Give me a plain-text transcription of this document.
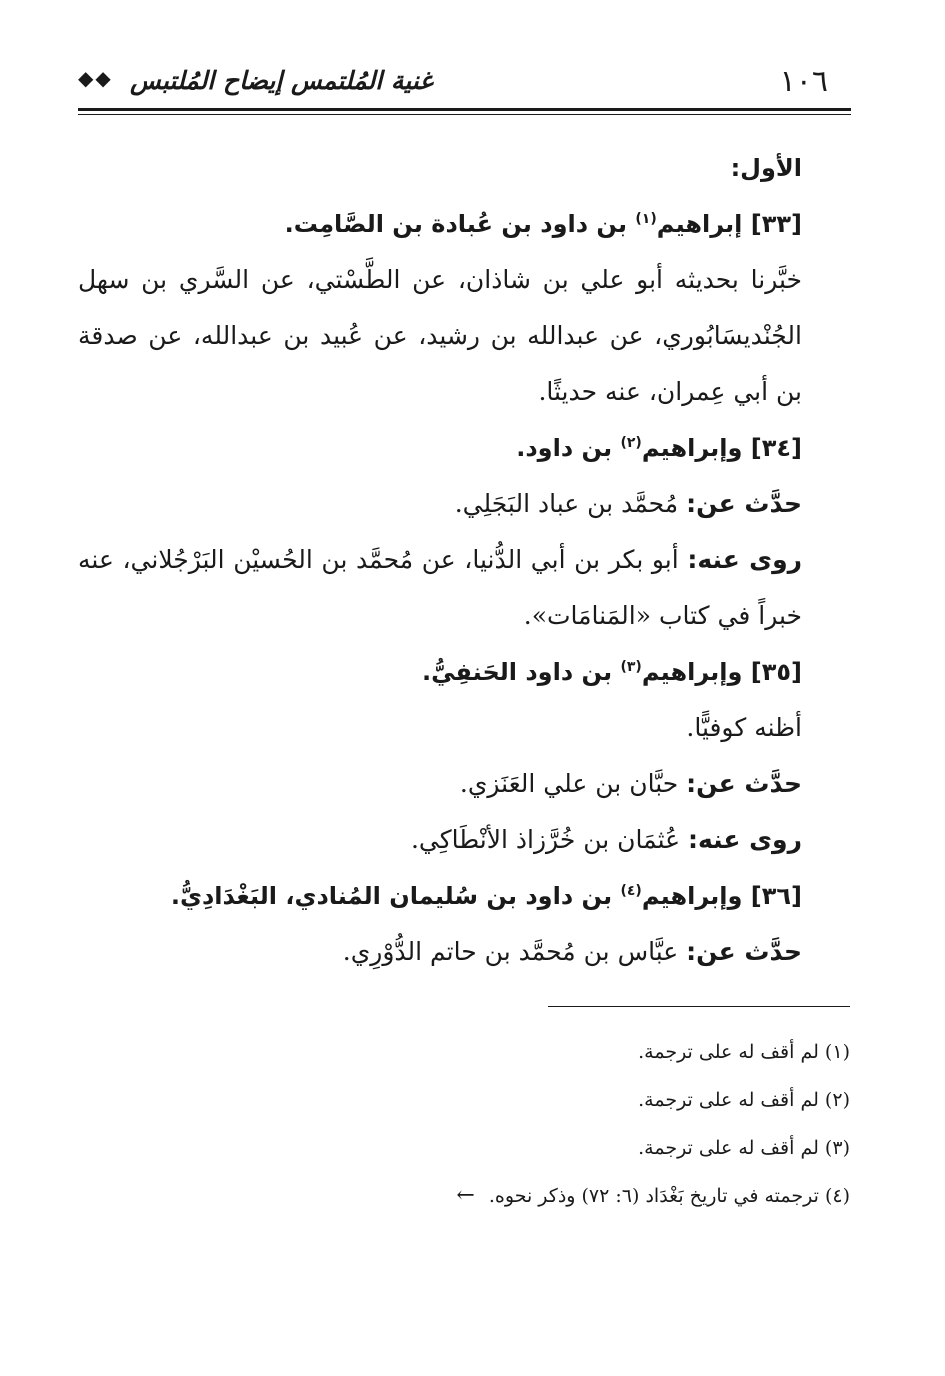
١٠٦
غنية المُلتمس إيضاح المُلتبس
◆◆

الأول:

[٣٣] إبراهيم$^{(١)}$ بن داود بن عُبادة بن الصَّامِت.

خبَّرنا بحديثه أبو علي بن شاذان، عن الطَّسْتي، عن السَّري بن سهل الجُنْديسَابُوري، عن عبدالله بن رشيد، عن عُبيد بن عبدالله، عن صدقة بن أبي عِمران، عنه حديثًا.

[٣٤] وإبراهيم$^{(٢)}$ بن داود.

حدَّث عن: مُحمَّد بن عباد البَجَلِي.

روى عنه: أبو بكر بن أبي الدُّنيا، عن مُحمَّد بن الحُسيْن البَرْجُلاني، عنه خبراً في كتاب «المَنامَات».

[٣٥] وإبراهيم$^{(٣)}$ بن داود الحَنفِيُّ.

أظنه كوفيًّا.

حدَّث عن: حبَّان بن علي العَنَزي.

روى عنه: عُثمَان بن خُرَّزاذ الأنْطَاكِي.

[٣٦] وإبراهيم$^{(٤)}$ بن داود بن سُليمان المُنادي، البَغْدَادِيُّ.

حدَّث عن: عبَّاس بن مُحمَّد بن حاتم الدُّوْرِي.

(١) لم أقف له على ترجمة.

(٢) لم أقف له على ترجمة.

(٣) لم أقف له على ترجمة.

(٤) ترجمته في تاريخ بَغْدَاد (٦: ٧٢) وذكر نحوه. ←
